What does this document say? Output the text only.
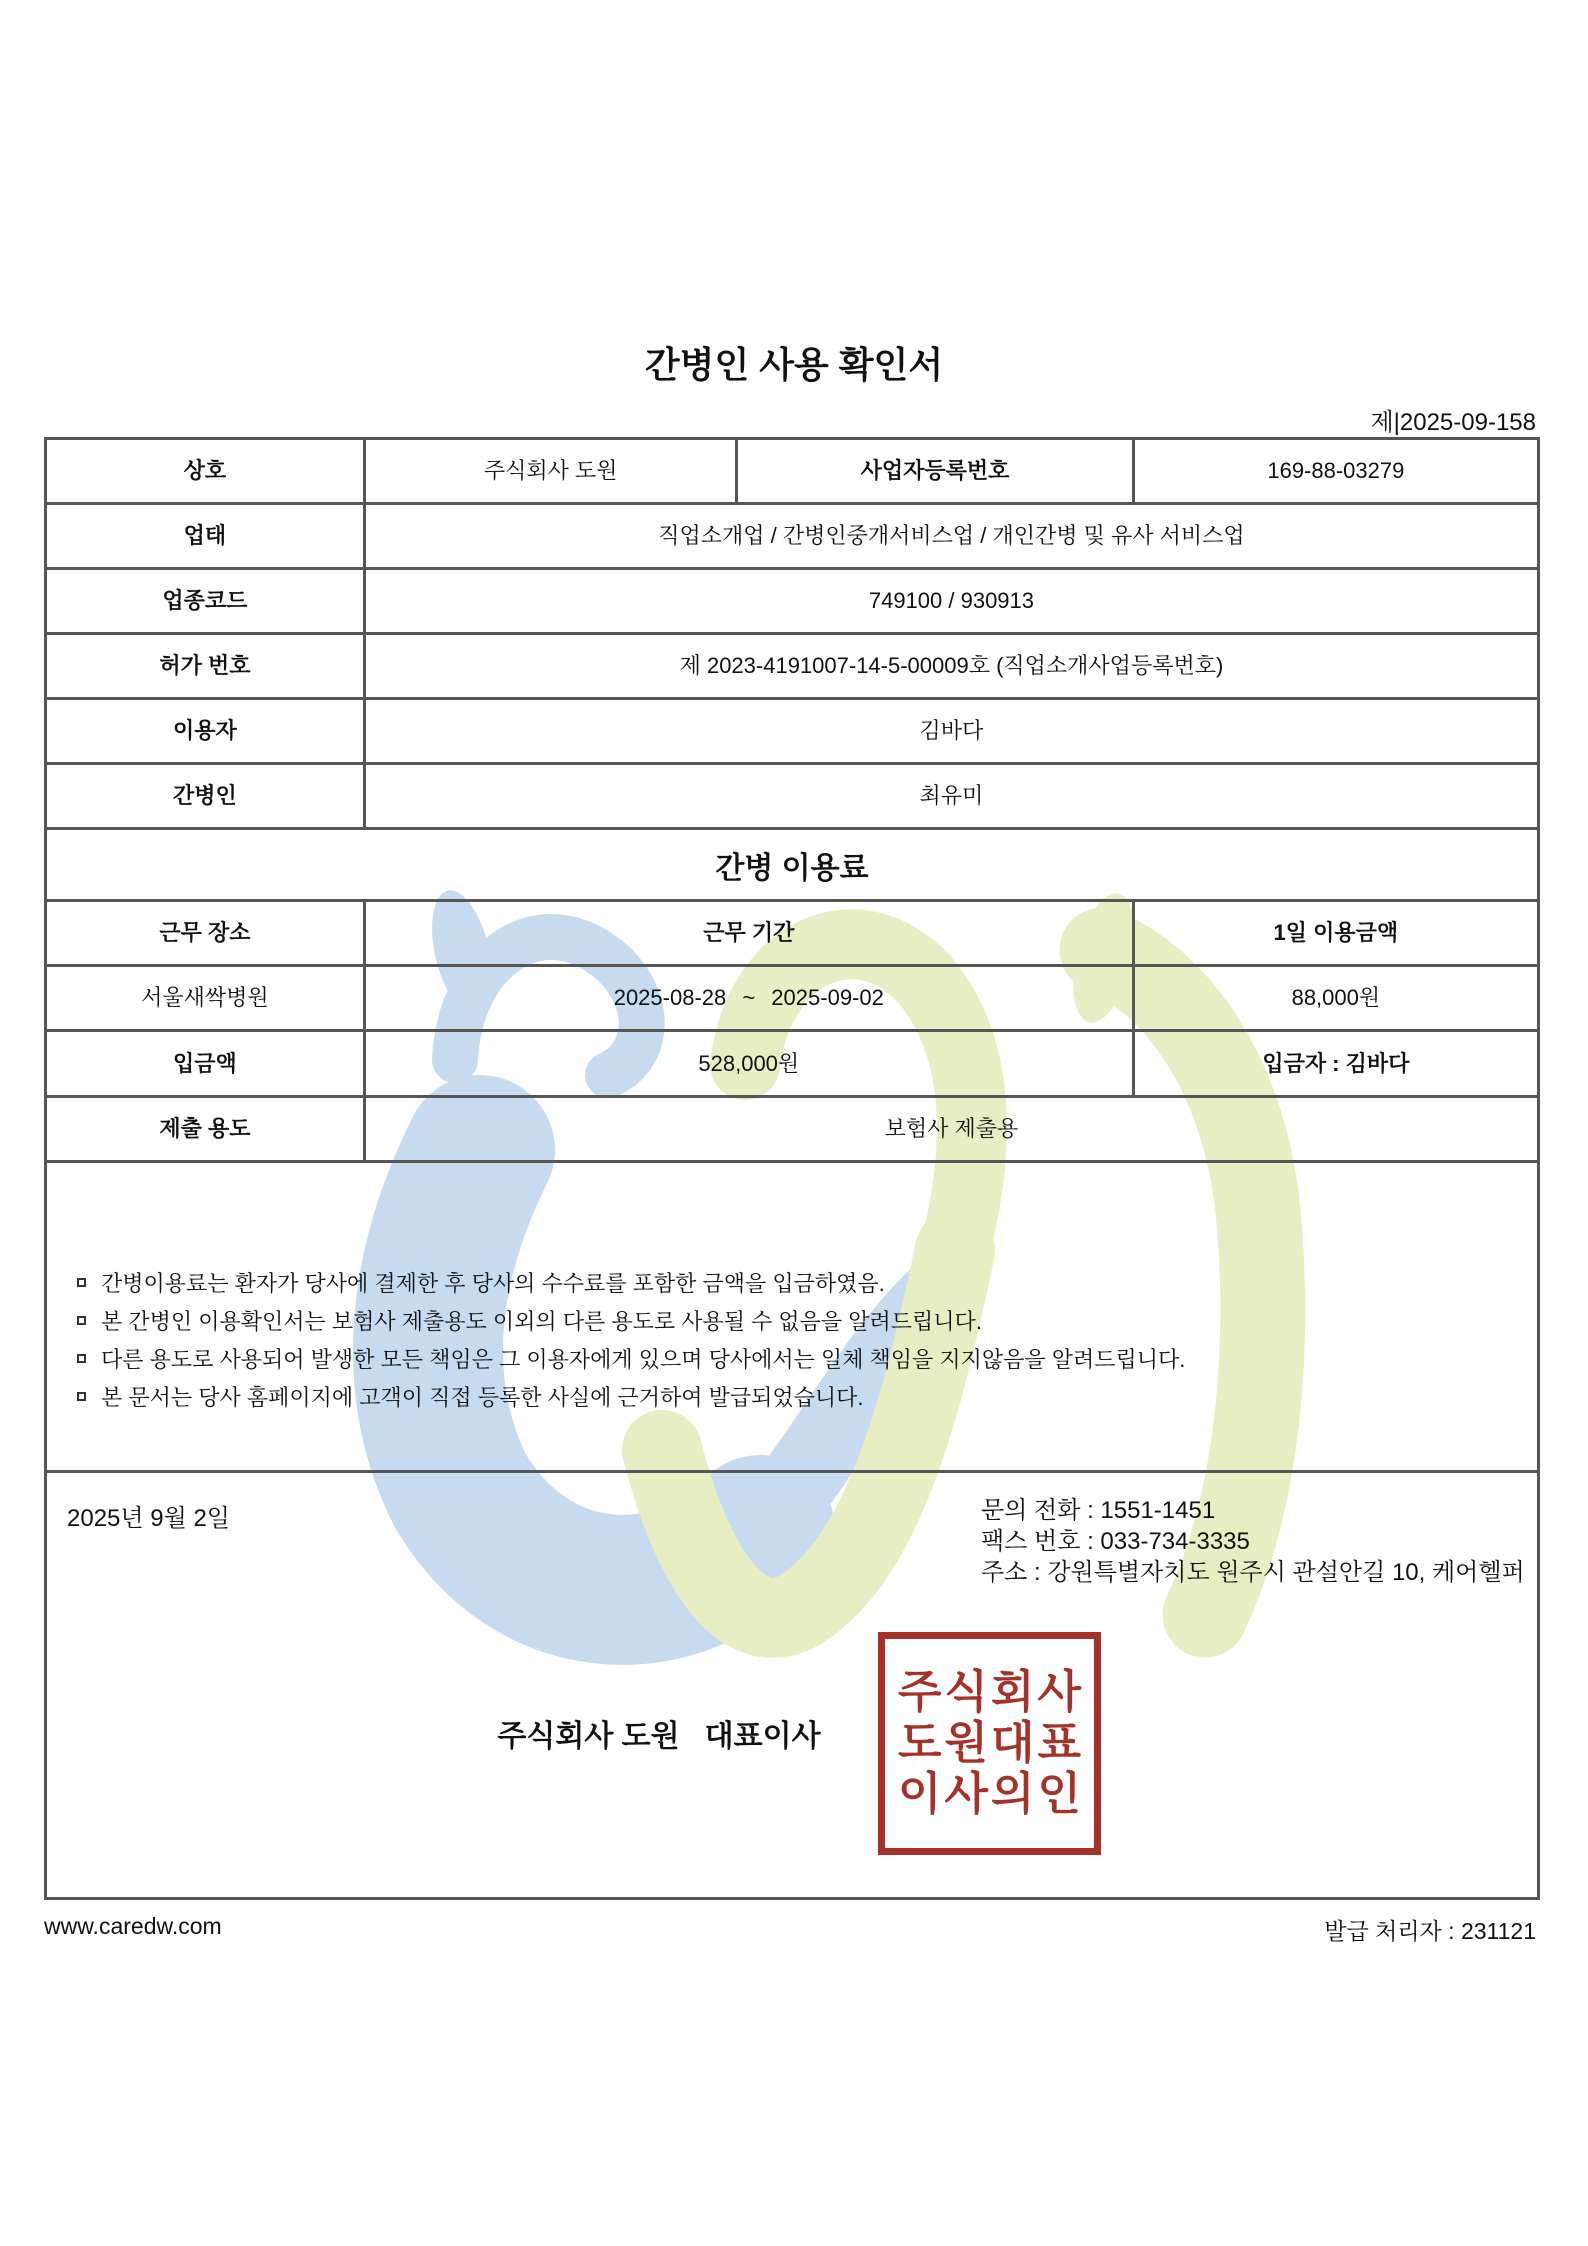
간병인 사용 확인서
제|2025-09-158
상호	주식회사 도원	사업자등록번호	169-88-03279
업태	직업소개업 / 간병인중개서비스업 / 개인간병 및 유사 서비스업
업종코드	749100 / 930913
허가 번호	제 2023-4191007-14-5-00009호 (직업소개사업등록번호)
이용자	김바다
간병인	최유미
간병 이용료
근무 장소	근무 기간	1일 이용금액
서울새싹병원	2025-08-28 ~ 2025-09-02	88,000원
입금액	528,000원	입금자 : 김바다
제출 용도	보험사 제출용
간병이용료는 환자가 당사에 결제한 후 당사의 수수료를 포함한 금액을 입금하였음.
본 간병인 이용확인서는 보험사 제출용도 이외의 다른 용도로 사용될 수 없음을 알려드립니다.
다른 용도로 사용되어 발생한 모든 책임은 그 이용자에게 있으며 당사에서는 일체 책임을 지지않음을 알려드립니다.
본 문서는 당사 홈페이지에 고객이 직접 등록한 사실에 근거하여 발급되었습니다.
2025년 9월 2일	문의 전화 : 1551-1451
팩스 번호 : 033-734-3335
주소 : 강원특별자치도 원주시 관설안길 10, 케어헬퍼
주식회사 도원   대표이사
주식회사
도원대표
이사의인
www.caredw.com	발급 처리자 : 231121
